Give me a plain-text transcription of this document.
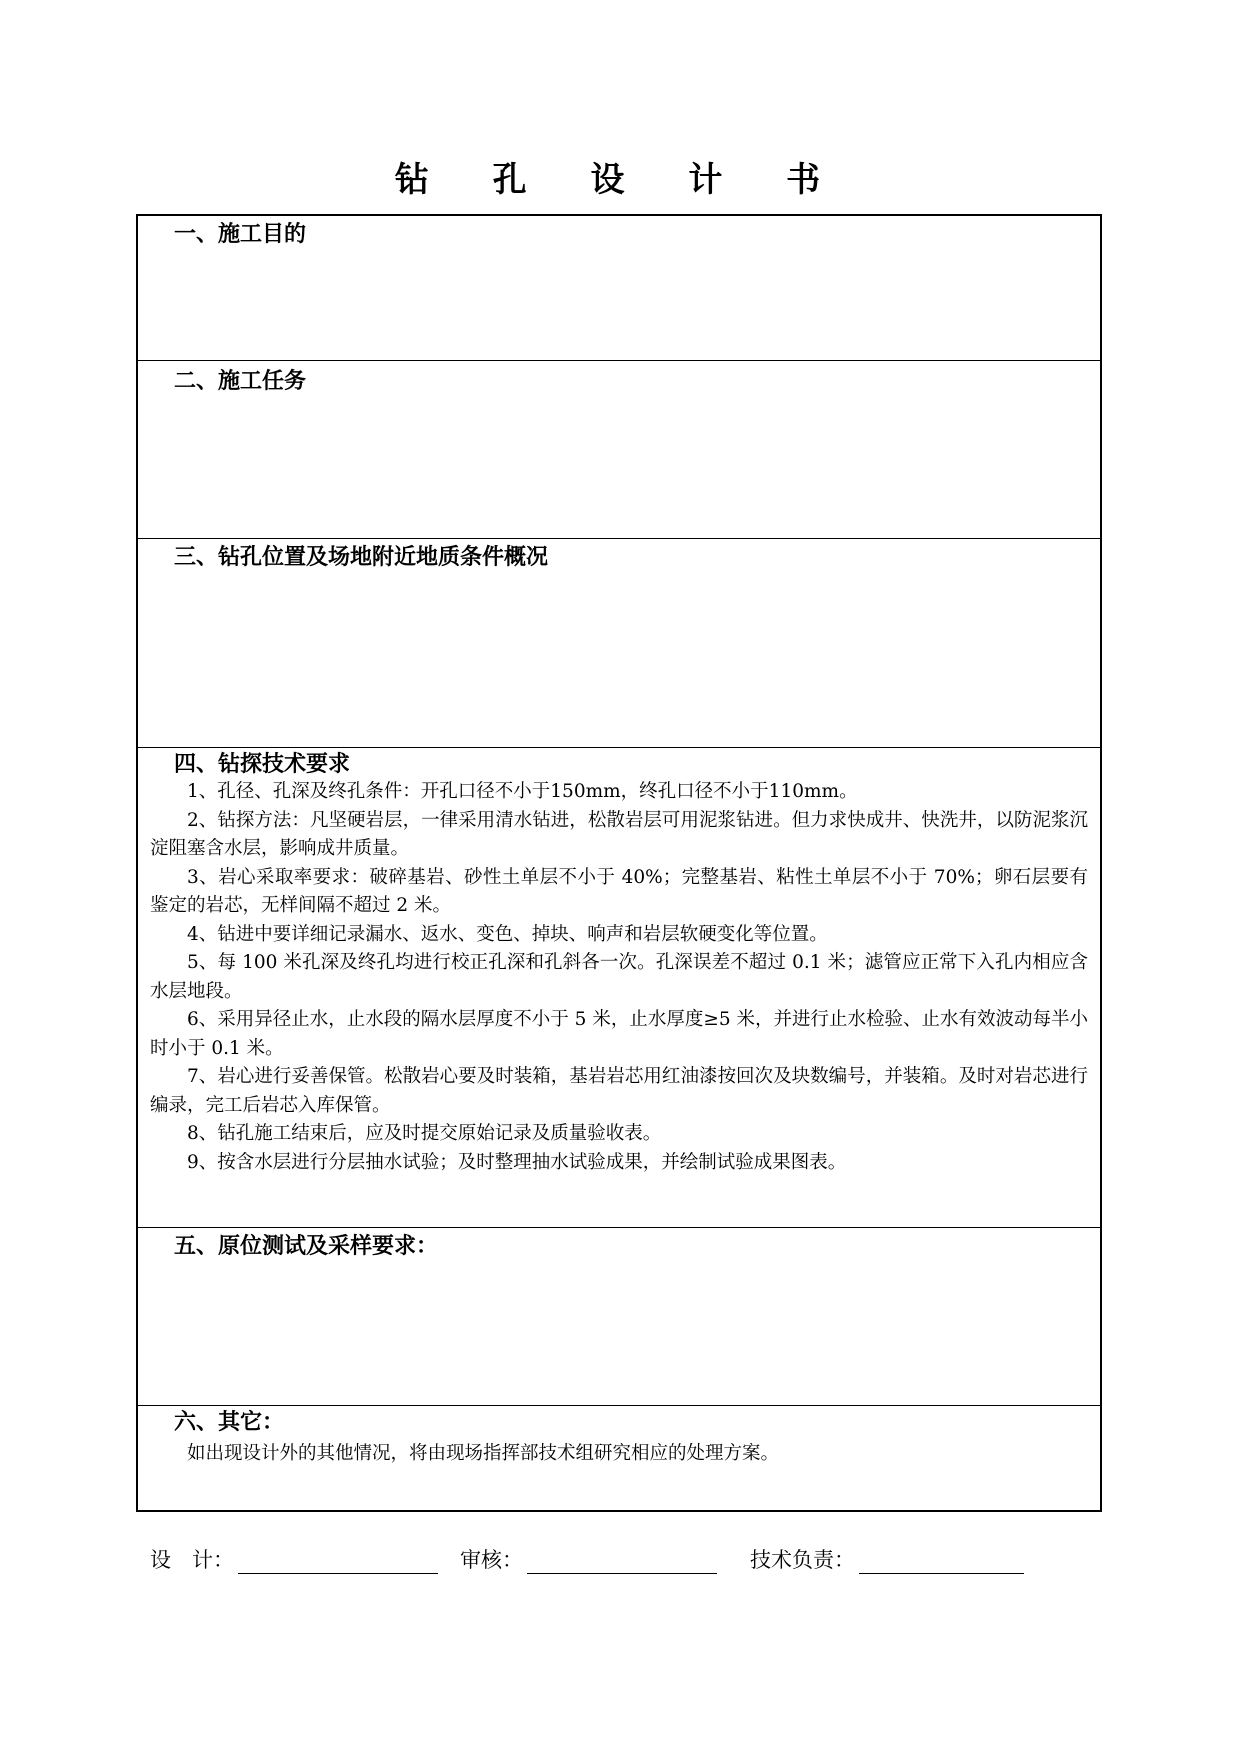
钻 孔 设 计 书
一、施工目的
二、施工任务
三、钻孔位置及场地附近地质条件概况
四、钻探技术要求

1、孔径、孔深及终孔条件：开孔口径不小于150mm，终孔口径不小于110mm。

2、钻探方法：凡坚硬岩层，一律采用清水钻进，松散岩层可用泥浆钻进。但力求快成井、快洗井，以防泥浆沉淀阻塞含水层，影响成井质量。

3、岩心采取率要求：破碎基岩、砂性土单层不小于 40%；完整基岩、粘性土单层不小于 70%；卵石层要有鉴定的岩芯，无样间隔不超过 2 米。

4、钻进中要详细记录漏水、返水、变色、掉块、响声和岩层软硬变化等位置。

5、每 100 米孔深及终孔均进行校正孔深和孔斜各一次。孔深误差不超过 0.1 米；滤管应正常下入孔内相应含水层地段。

6、采用异径止水，止水段的隔水层厚度不小于 5 米，止水厚度≥5 米，并进行止水检验、止水有效波动每半小时小于 0.1 米。

7、岩心进行妥善保管。松散岩心要及时装箱，基岩岩芯用红油漆按回次及块数编号，并装箱。及时对岩芯进行编录，完工后岩芯入库保管。

8、钻孔施工结束后，应及时提交原始记录及质量验收表。

9、按含水层进行分层抽水试验；及时整理抽水试验成果，并绘制试验成果图表。

五、原位测试及采样要求：
六、其它：

如出现设计外的其他情况，将由现场指挥部技术组研究相应的处理方案。

设　计：	审核：	技术负责：
